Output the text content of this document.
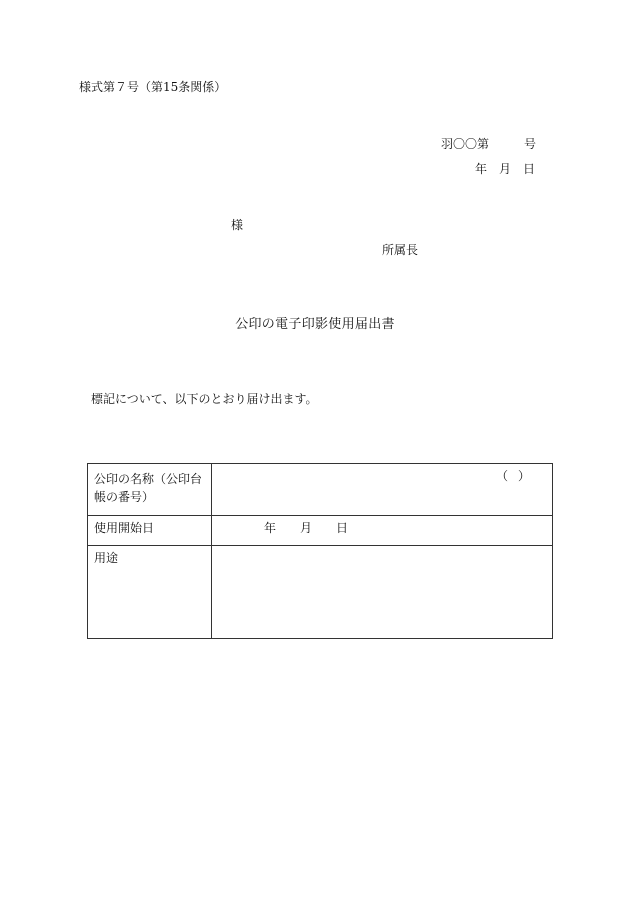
様式第７号（第15条関係）
羽〇〇第	号
年 月 日
様
所属長
公印の電子印影使用届出書
標記について、以下のとおり届け出ます。
公印の名称（公印台帳の番号）	（）

使用開始日	年 月 日

用途	
